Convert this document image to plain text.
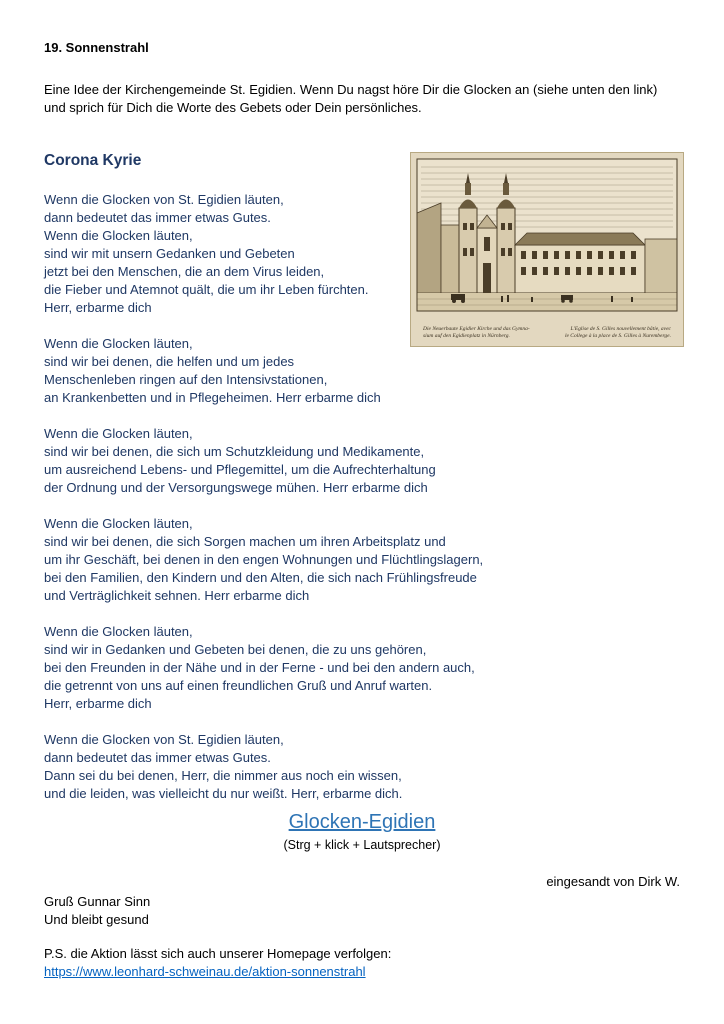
19. Sonnenstrahl

Eine Idee der Kirchengemeinde St. Egidien. Wenn Du nagst höre Dir die Glocken an (siehe unten den link)
und sprich für Dich die Worte des Gebets oder Dein persönliches.

Corona Kyrie

Wenn die Glocken von St. Egidien läuten,
dann bedeutet das immer etwas Gutes.
Wenn die Glocken läuten,
sind wir mit unsern Gedanken und Gebeten
jetzt bei den Menschen, die an dem Virus leiden,
die Fieber und Atemnot quält, die um ihr Leben fürchten.
Herr, erbarme dich

Wenn die Glocken läuten,
sind wir bei denen, die helfen und um jedes
Menschenleben ringen auf den Intensivstationen,
an Krankenbetten und in Pflegeheimen. Herr erbarme dich

Wenn die Glocken läuten,
sind wir bei denen, die sich um Schutzkleidung und Medikamente,
um ausreichend Lebens- und Pflegemittel, um die Aufrechterhaltung
der Ordnung und der Versorgungswege mühen. Herr erbarme dich

Wenn die Glocken läuten,
sind wir bei denen, die sich Sorgen machen um ihren Arbeitsplatz und
um ihr Geschäft, bei denen in den engen Wohnungen und Flüchtlingslagern,
bei den Familien, den Kindern und den Alten, die sich nach Frühlingsfreude
und Verträglichkeit sehnen. Herr erbarme dich

Wenn die Glocken läuten,
sind wir in Gedanken und Gebeten bei denen, die zu uns gehören,
bei den Freunden in der Nähe und in der Ferne - und bei den andern auch,
die getrennt von uns auf einen freundlichen Gruß und Anruf warten.
Herr, erbarme dich

Wenn die Glocken von St. Egidien läuten,
dann bedeutet das immer etwas Gutes.
Dann sei du bei denen, Herr, die nimmer aus noch ein wissen,
und die leiden, was vielleicht du nur weißt. Herr, erbarme dich.

Die Neuerbaute Egidier Kirche und das Gymna-
sium auf den Egidienplatz in Nürnberg.
L'Eglise de S. Gilles nouvellement bâtie, avec
le College à la place de S. Gilles à Nuremberge.

Glocken-Egidien

(Strg + klick + Lautsprecher)

eingesandt von Dirk W.

Gruß Gunnar Sinn
Und bleibt gesund

P.S. die Aktion lässt sich auch unserer Homepage verfolgen:
https://www.leonhard-schweinau.de/aktion-sonnenstrahl
